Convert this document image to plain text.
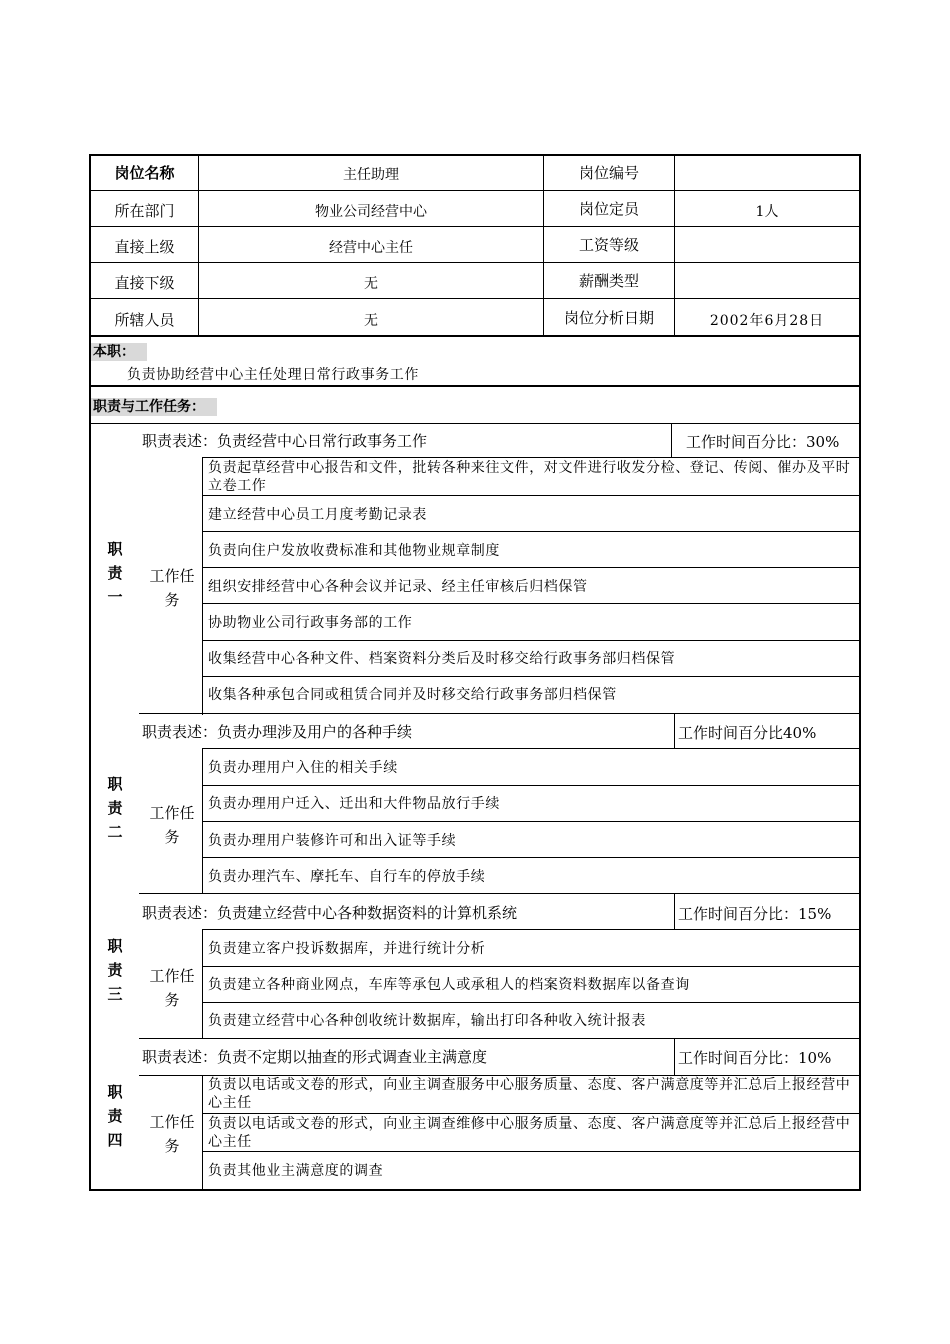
岗位名称	主任助理	岗位编号
所在部门	物业公司经营中心	岗位定员	1人
直接上级	经营中心主任	工资等级
直接下级	无	薪酬类型
所辖人员	无	岗位分析日期	2002年6月28日
本职：
负责协助经营中心主任处理日常行政事务工作
职责与工作任务：
职责表述：负责经营中心日常行政事务工作	工作时间百分比：30%
职责一
工作任务
负责起草经营中心报告和文件，批转各种来往文件，对文件进行收发分检、登记、传阅、催办及平时立卷工作
建立经营中心员工月度考勤记录表
负责向住户发放收费标准和其他物业规章制度
组织安排经营中心各种会议并记录、经主任审核后归档保管
协助物业公司行政事务部的工作
收集经营中心各种文件、档案资料分类后及时移交给行政事务部归档保管
收集各种承包合同或租赁合同并及时移交给行政事务部归档保管
职责表述：负责办理涉及用户的各种手续	工作时间百分比40%
职责二
工作任务
负责办理用户入住的相关手续
负责办理用户迁入、迁出和大件物品放行手续
负责办理用户装修许可和出入证等手续
负责办理汽车、摩托车、自行车的停放手续
职责表述：负责建立经营中心各种数据资料的计算机系统	工作时间百分比：15%
职责三
工作任务
负责建立客户投诉数据库，并进行统计分析
负责建立各种商业网点，车库等承包人或承租人的档案资料数据库以备查询
负责建立经营中心各种创收统计数据库，输出打印各种收入统计报表
职责表述：负责不定期以抽查的形式调查业主满意度	工作时间百分比：10%
职责四
工作任务
负责以电话或文卷的形式，向业主调查服务中心服务质量、态度、客户满意度等并汇总后上报经营中心主任
负责以电话或文卷的形式，向业主调查维修中心服务质量、态度、客户满意度等并汇总后上报经营中心主任
负责其他业主满意度的调查
